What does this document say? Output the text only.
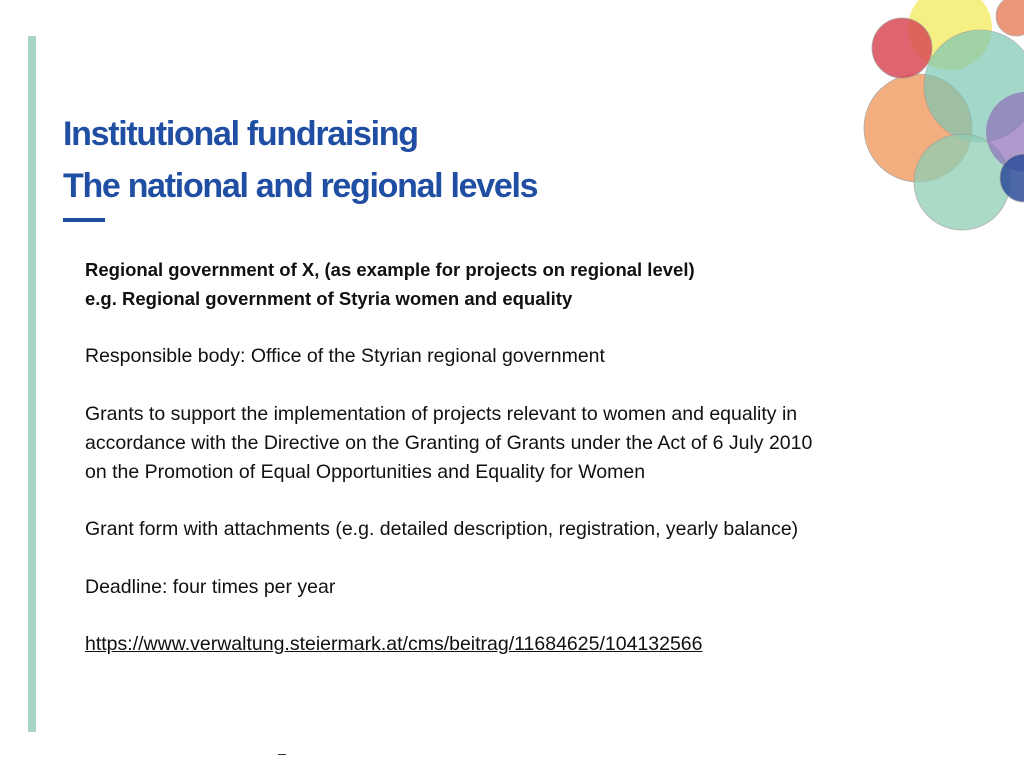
Institutional fundraising
The national and regional levels

Regional government of X, (as example for projects on regional level)

e.g. Regional government of Styria women and equality

Responsible body: Office of the Styrian regional government

Grants to support the implementation of projects relevant to women and equality in

accordance with the Directive on the Granting of Grants under the Act of 6 July 2010

on the Promotion of Equal Opportunities and Equality for Women

Grant form with attachments (e.g. detailed description, registration, yearly balance)

Deadline: four times per year

https://www.verwaltung.steiermark.at/cms/beitrag/11684625/104132566
